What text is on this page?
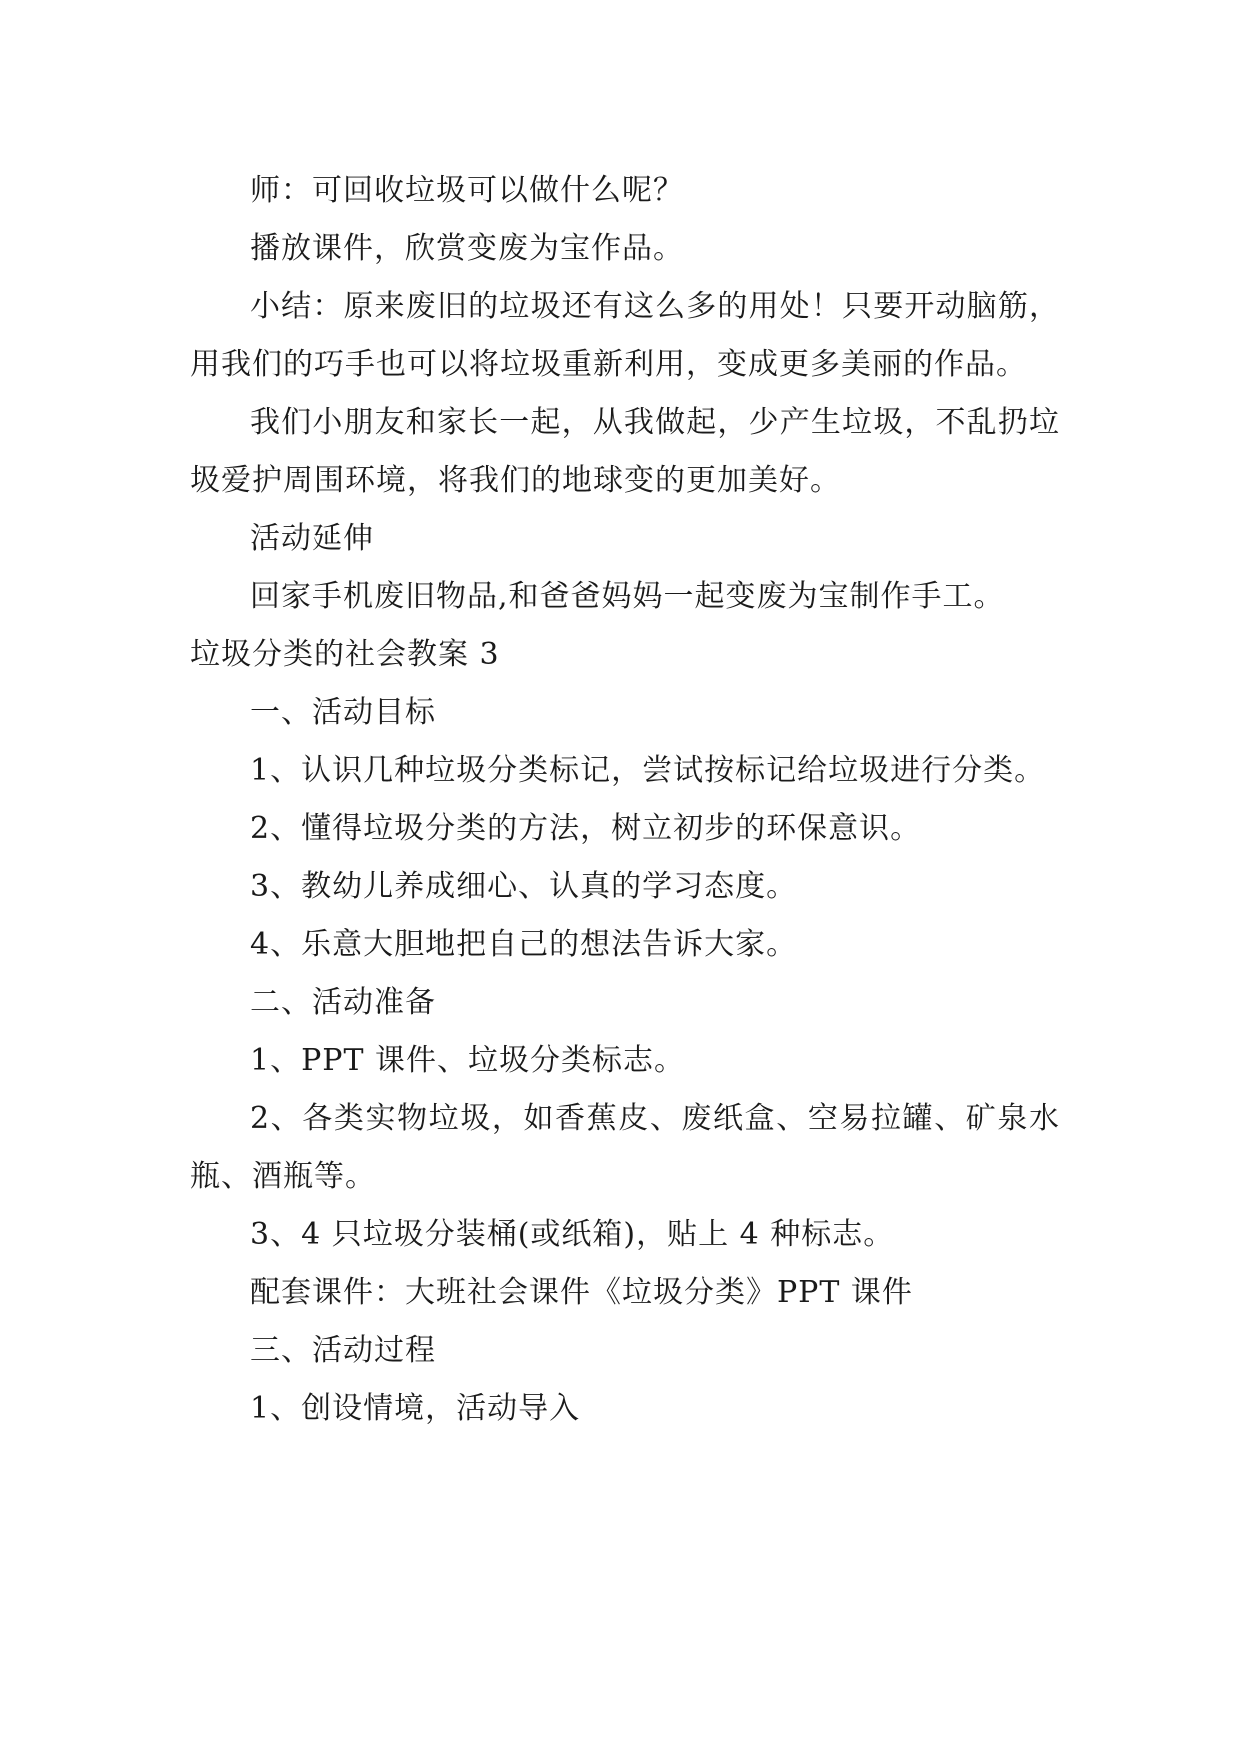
师：可回收垃圾可以做什么呢？

播放课件，欣赏变废为宝作品。

小结：原来废旧的垃圾还有这么多的用处！只要开动脑筋，用我们的巧手也可以将垃圾重新利用，变成更多美丽的作品。

我们小朋友和家长一起，从我做起，少产生垃圾，不乱扔垃圾爱护周围环境，将我们的地球变的更加美好。

活动延伸

回家手机废旧物品,和爸爸妈妈一起变废为宝制作手工。

垃圾分类的社会教案 3

一、活动目标

1、认识几种垃圾分类标记，尝试按标记给垃圾进行分类。

2、懂得垃圾分类的方法，树立初步的环保意识。

3、教幼儿养成细心、认真的学习态度。

4、乐意大胆地把自己的想法告诉大家。

二、活动准备

1、PPT 课件、垃圾分类标志。

2、各类实物垃圾，如香蕉皮、废纸盒、空易拉罐、矿泉水瓶、酒瓶等。

3、4 只垃圾分装桶(或纸箱)，贴上 4 种标志。

配套课件：大班社会课件《垃圾分类》PPT 课件

三、活动过程

1、创设情境，活动导入
